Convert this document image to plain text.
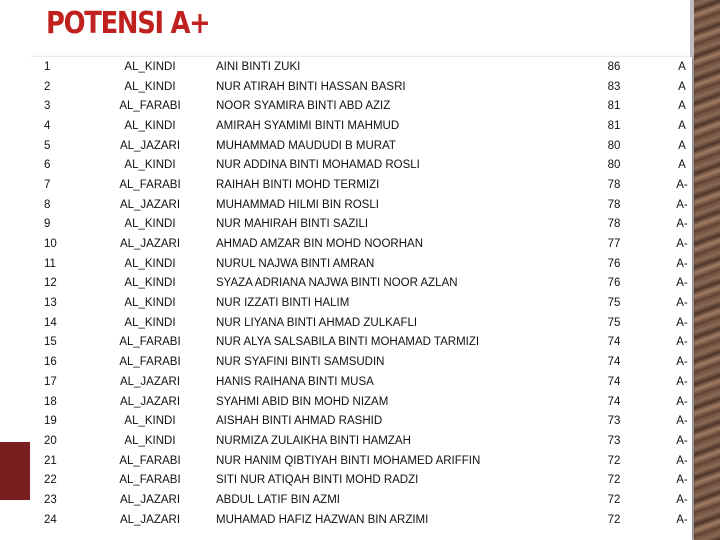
POTENSI A+
1	AL_KINDI	AINI BINTI ZUKI	86	A
2	AL_KINDI	NUR ATIRAH BINTI HASSAN BASRI	83	A
3	AL_FARABI	NOOR SYAMIRA BINTI ABD AZIZ	81	A
4	AL_KINDI	AMIRAH SYAMIMI BINTI MAHMUD	81	A
5	AL_JAZARI	MUHAMMAD MAUDUDI B MURAT	80	A
6	AL_KINDI	NUR ADDINA BINTI MOHAMAD ROSLI	80	A
7	AL_FARABI	RAIHAH BINTI MOHD TERMIZI	78	A-
8	AL_JAZARI	MUHAMMAD HILMI BIN ROSLI	78	A-
9	AL_KINDI	NUR MAHIRAH BINTI SAZILI	78	A-
10	AL_JAZARI	AHMAD AMZAR BIN MOHD NOORHAN	77	A-
11	AL_KINDI	NURUL NAJWA BINTI AMRAN	76	A-
12	AL_KINDI	SYAZA ADRIANA NAJWA BINTI NOOR AZLAN	76	A-
13	AL_KINDI	NUR IZZATI BINTI HALIM	75	A-
14	AL_KINDI	NUR LIYANA BINTI AHMAD ZULKAFLI	75	A-
15	AL_FARABI	NUR ALYA SALSABILA BINTI MOHAMAD TARMIZI	74	A-
16	AL_FARABI	NUR SYAFINI BINTI SAMSUDIN	74	A-
17	AL_JAZARI	HANIS RAIHANA BINTI MUSA	74	A-
18	AL_JAZARI	SYAHMI ABID BIN MOHD NIZAM	74	A-
19	AL_KINDI	AISHAH BINTI AHMAD RASHID	73	A-
20	AL_KINDI	NURMIZA ZULAIKHA BINTI HAMZAH	73	A-
21	AL_FARABI	NUR HANIM QIBTIYAH BINTI MOHAMED ARIFFIN	72	A-
22	AL_FARABI	SITI NUR ATIQAH BINTI MOHD RADZI	72	A-
23	AL_JAZARI	ABDUL LATIF BIN AZMI	72	A-
24	AL_JAZARI	MUHAMAD HAFIZ HAZWAN BIN ARZIMI	72	A-
